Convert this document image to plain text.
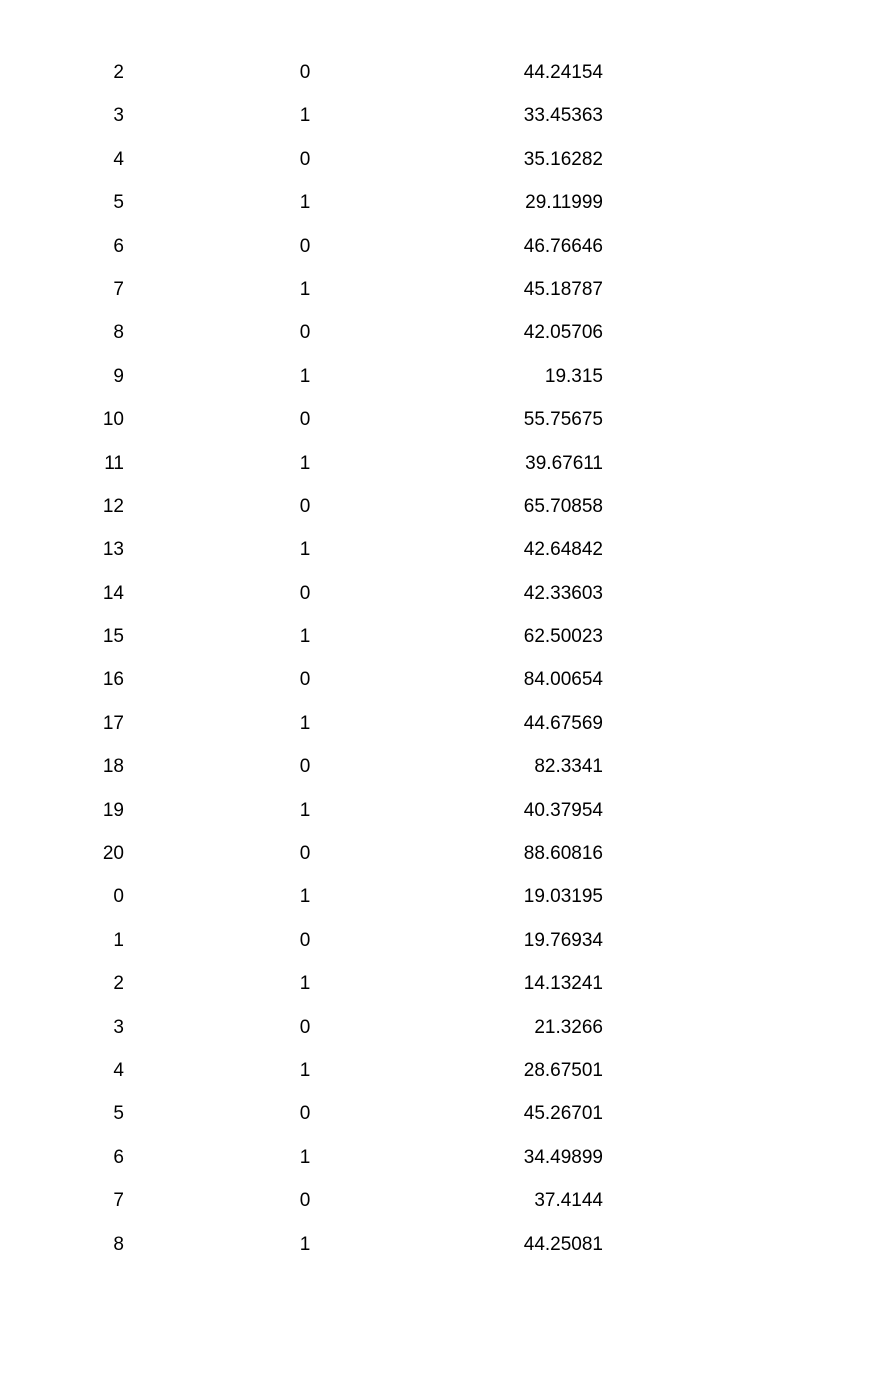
2	0	44.24154
3	1	33.45363
4	0	35.16282
5	1	29.11999
6	0	46.76646
7	1	45.18787
8	0	42.05706
9	1	19.315
10	0	55.75675
11	1	39.67611
12	0	65.70858
13	1	42.64842
14	0	42.33603
15	1	62.50023
16	0	84.00654
17	1	44.67569
18	0	82.3341
19	1	40.37954
20	0	88.60816
0	1	19.03195
1	0	19.76934
2	1	14.13241
3	0	21.3266
4	1	28.67501
5	0	45.26701
6	1	34.49899
7	0	37.4144
8	1	44.25081
